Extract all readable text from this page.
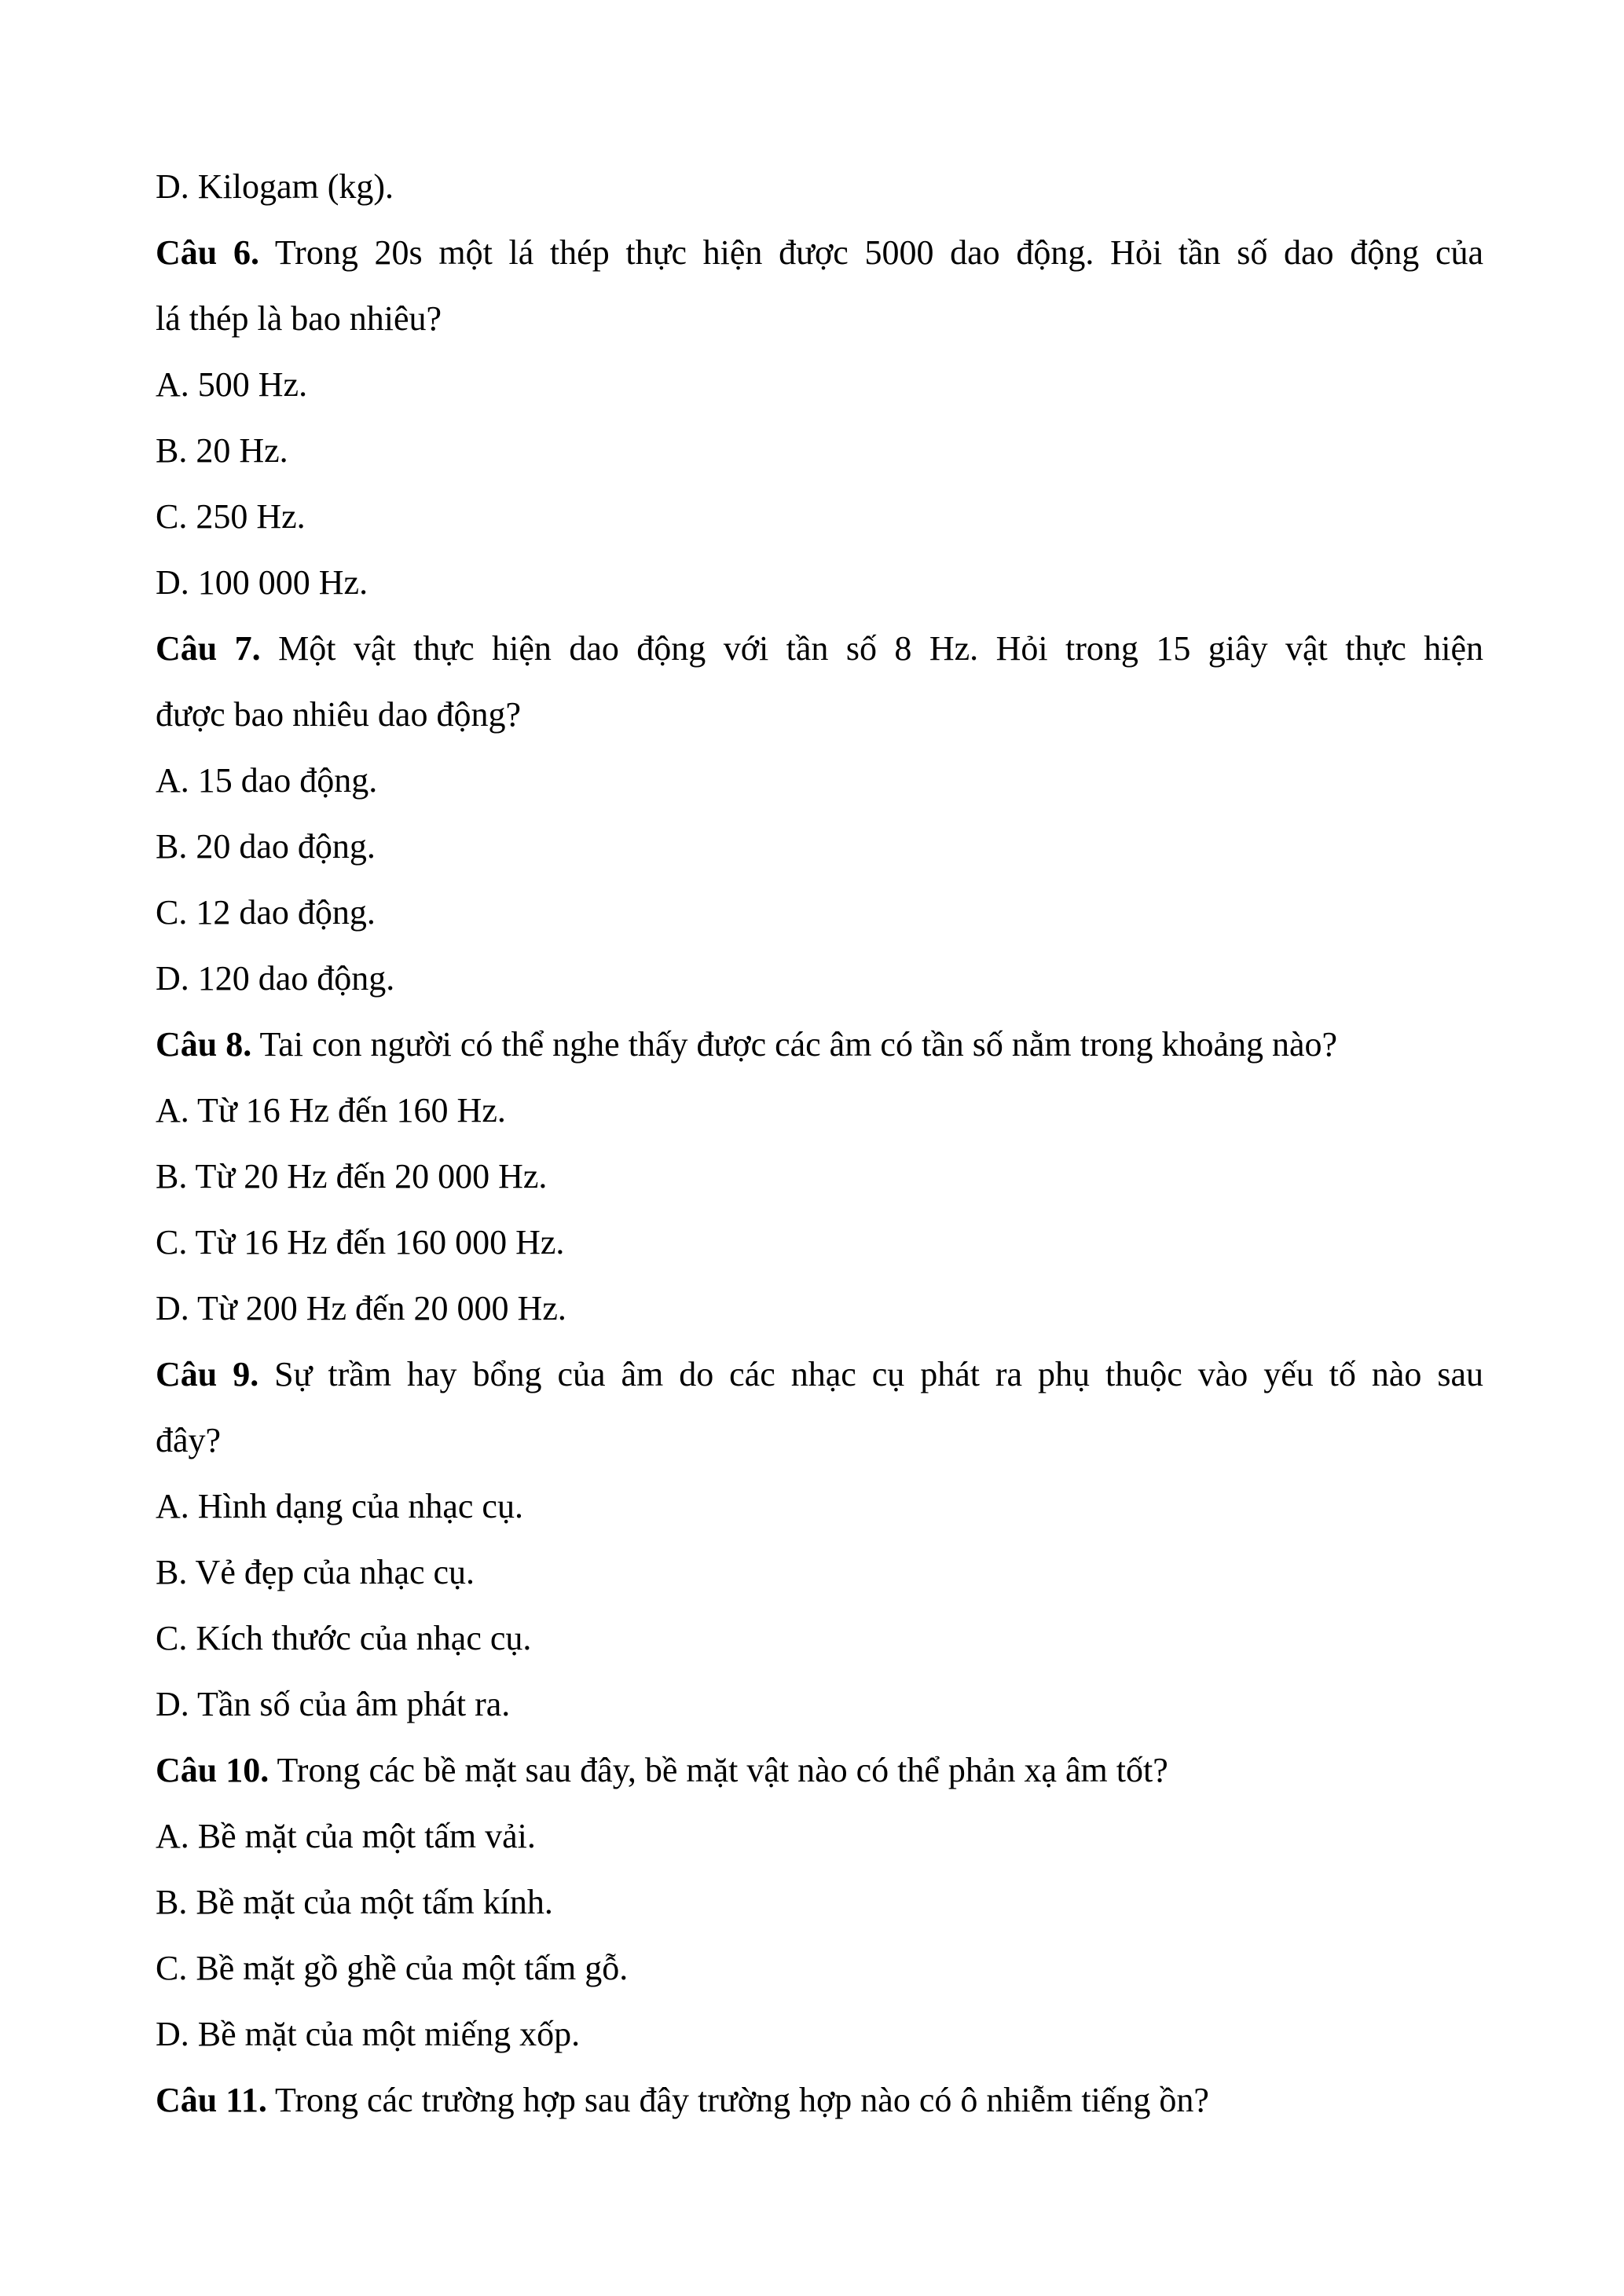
D. Kilogam (kg).
Câu 6. Trong 20s một lá thép thực hiện được 5000 dao động. Hỏi tần số dao động của
lá thép là bao nhiêu?
A. 500 Hz.
B. 20 Hz.
C. 250 Hz.
D. 100 000 Hz.
Câu 7. Một vật thực hiện dao động với tần số 8 Hz. Hỏi trong 15 giây vật thực hiện
được bao nhiêu dao động?
A. 15 dao động.
B. 20 dao động.
C. 12 dao động.
D. 120 dao động.
Câu 8. Tai con người có thể nghe thấy được các âm có tần số nằm trong khoảng nào?
A. Từ 16 Hz đến 160 Hz.
B. Từ 20 Hz đến 20 000 Hz.
C. Từ 16 Hz đến 160 000 Hz.
D. Từ 200 Hz đến 20 000 Hz.
Câu 9. Sự trầm hay bổng của âm do các nhạc cụ phát ra phụ thuộc vào yếu tố nào sau
đây?
A. Hình dạng của nhạc cụ.
B. Vẻ đẹp của nhạc cụ.
C. Kích thước của nhạc cụ.
D. Tần số của âm phát ra.
Câu 10. Trong các bề mặt sau đây, bề mặt vật nào có thể phản xạ âm tốt?
A. Bề mặt của một tấm vải.
B. Bề mặt của một tấm kính.
C. Bề mặt gồ ghề của một tấm gỗ.
D. Bề mặt của một miếng xốp.
Câu 11. Trong các trường hợp sau đây trường hợp nào có ô nhiễm tiếng ồn?
